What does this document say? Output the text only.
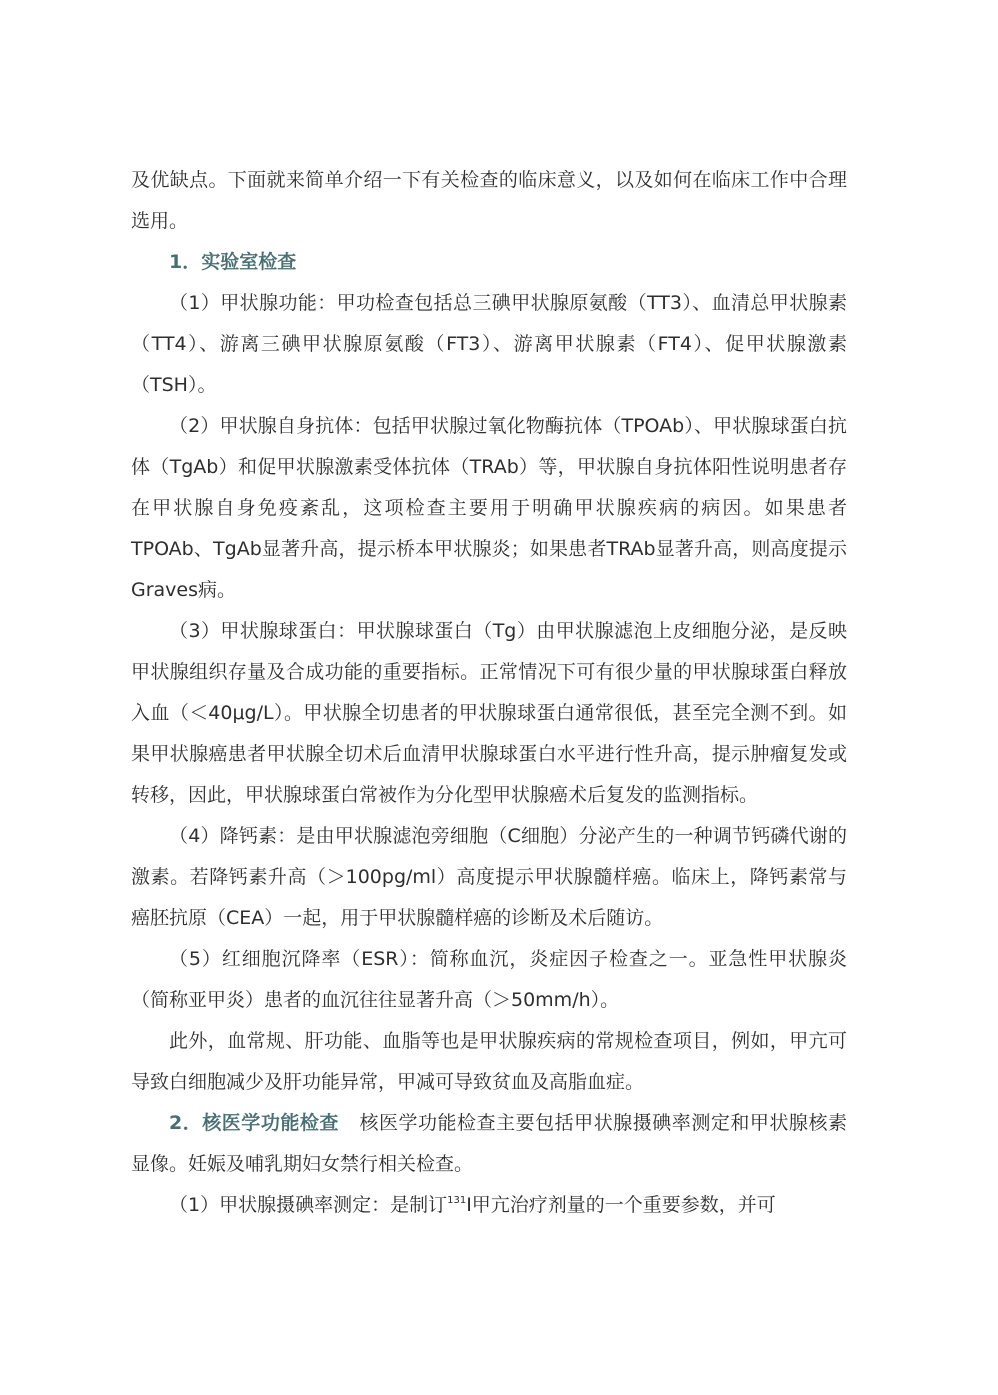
及优缺点。下面就来简单介绍一下有关检查的临床意义，以及如何在临床工作中合理选用。

1．实验室检查

（1）甲状腺功能：甲功检查包括总三碘甲状腺原氨酸（TT3）、血清总甲状腺素（TT4）、游离三碘甲状腺原氨酸（FT3）、游离甲状腺素（FT4）、促甲状腺激素（TSH）。

（2）甲状腺自身抗体：包括甲状腺过氧化物酶抗体（TPOAb）、甲状腺球蛋白抗体（TgAb）和促甲状腺激素受体抗体（TRAb）等，甲状腺自身抗体阳性说明患者存在甲状腺自身免疫紊乱，这项检查主要用于明确甲状腺疾病的病因。如果患者TPOAb、TgAb显著升高，提示桥本甲状腺炎；如果患者TRAb显著升高，则高度提示Graves病。

（3）甲状腺球蛋白：甲状腺球蛋白（Tg）由甲状腺滤泡上皮细胞分泌，是反映甲状腺组织存量及合成功能的重要指标。正常情况下可有很少量的甲状腺球蛋白释放入血（＜40μg/L）。甲状腺全切患者的甲状腺球蛋白通常很低，甚至完全测不到。如果甲状腺癌患者甲状腺全切术后血清甲状腺球蛋白水平进行性升高，提示肿瘤复发或转移，因此，甲状腺球蛋白常被作为分化型甲状腺癌术后复发的监测指标。

（4）降钙素：是由甲状腺滤泡旁细胞（C细胞）分泌产生的一种调节钙磷代谢的激素。若降钙素升高（＞100pg/ml）高度提示甲状腺髓样癌。临床上，降钙素常与癌胚抗原（CEA）一起，用于甲状腺髓样癌的诊断及术后随访。

（5）红细胞沉降率（ESR）：简称血沉，炎症因子检查之一。亚急性甲状腺炎（简称亚甲炎）患者的血沉往往显著升高（＞50mm/h）。

此外，血常规、肝功能、血脂等也是甲状腺疾病的常规检查项目，例如，甲亢可导致白细胞减少及肝功能异常，甲减可导致贫血及高脂血症。

2．核医学功能检查 核医学功能检查主要包括甲状腺摄碘率测定和甲状腺核素显像。妊娠及哺乳期妇女禁行相关检查。

（1）甲状腺摄碘率测定：是制订$^{131}$I甲亢治疗剂量的一个重要参数，并可
